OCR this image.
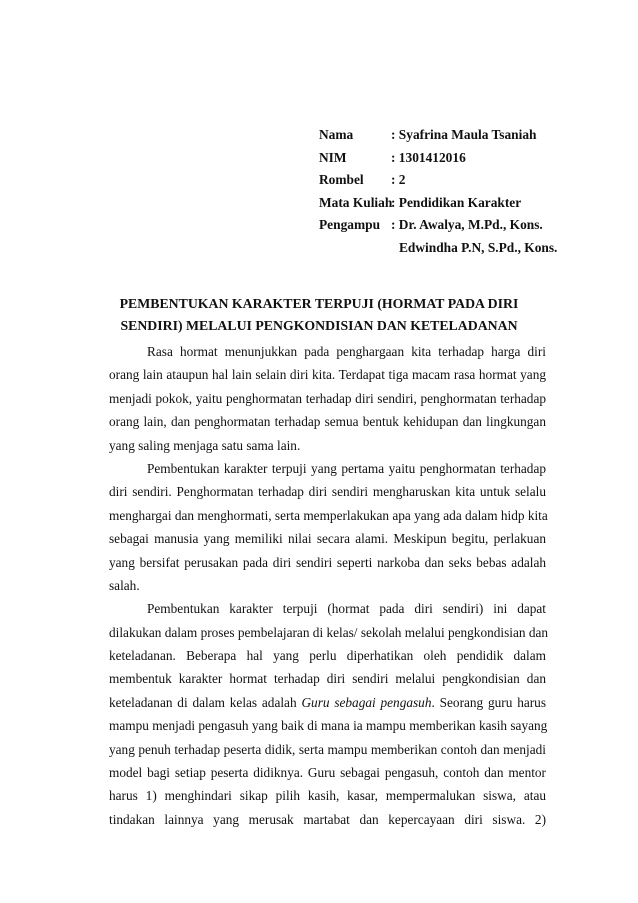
Nama	: Syafrina Maula Tsaniah
NIM	: 1301412016
Rombel	: 2
Mata Kuliah
: Pendidikan Karakter
Pengampu : Dr. Awalya, M.Pd., Kons.
Edwindha P.N, S.Pd., Kons.
PEMBENTUKAN KARAKTER TERPUJI (HORMAT PADA DIRI
SENDIRI) MELALUI PENGKONDISIAN DAN KETELADANAN
Rasa hormat menunjukkan pada penghargaan kita terhadap harga diri
orang lain ataupun hal lain selain diri kita. Terdapat tiga macam rasa hormat yang
menjadi pokok, yaitu penghormatan terhadap diri sendiri, penghormatan terhadap
orang lain, dan penghormatan terhadap semua bentuk kehidupan dan lingkungan
yang saling menjaga satu sama lain.
Pembentukan karakter terpuji yang pertama yaitu penghormatan terhadap
diri sendiri. Penghormatan terhadap diri sendiri mengharuskan kita untuk selalu
menghargai dan menghormati, serta memperlakukan apa yang ada dalam hidp kita
sebagai manusia yang memiliki nilai secara alami. Meskipun begitu, perlakuan
yang bersifat perusakan pada diri sendiri seperti narkoba dan seks bebas adalah
salah.
Pembentukan karakter terpuji (hormat pada diri sendiri) ini dapat
dilakukan dalam proses pembelajaran di kelas/ sekolah melalui pengkondisian dan
keteladanan. Beberapa hal yang perlu diperhatikan oleh pendidik dalam
membentuk karakter hormat terhadap diri sendiri melalui pengkondisian dan
keteladanan di dalam kelas adalah Guru sebagai pengasuh. Seorang guru harus
mampu menjadi pengasuh yang baik di mana ia mampu memberikan kasih sayang
yang penuh terhadap peserta didik, serta mampu memberikan contoh dan menjadi
model bagi setiap peserta didiknya. Guru sebagai pengasuh, contoh dan mentor
harus 1) menghindari sikap pilih kasih, kasar, mempermalukan siswa, atau
tindakan lainnya yang merusak martabat dan kepercayaan diri siswa. 2)
